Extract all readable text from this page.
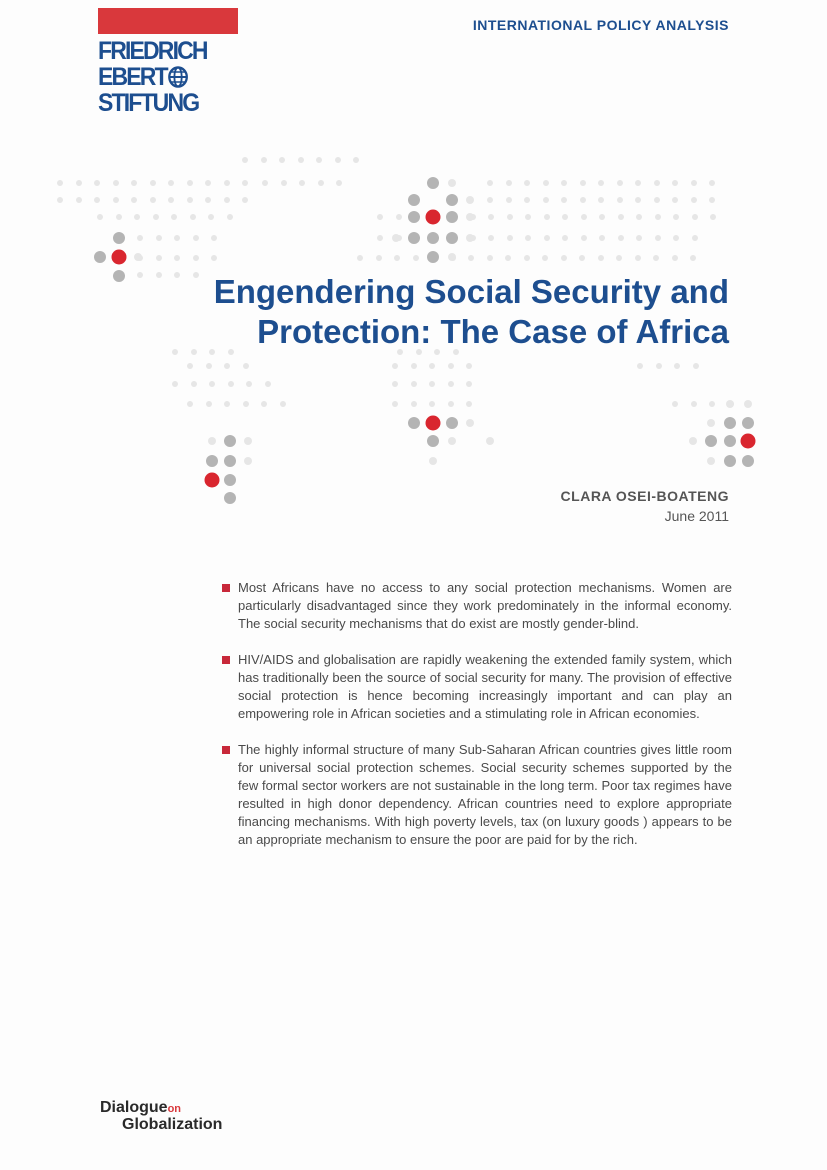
FRIEDRICH
EBERT
STIFTUNG
INTERNATIONAL POLICY ANALYSIS
Engendering Social Security and
Protection: The Case of Africa
CLARA OSEI-BOATENG
June 2011
Most Africans have no access to any social protection mechanisms. Women are particularly disadvantaged since they work predominately in the informal economy. The social security mechanisms that do exist are mostly gender-blind.
HIV/AIDS and globalisation are rapidly weakening the extended family system, which has traditionally been the source of social security for many. The provision of effective social protection is hence becoming increasingly important and can play an empowering role in African societies and a stimulating role in African economies.
The highly informal structure of many Sub-Saharan African countries gives little room for universal social protection schemes. Social security schemes supported by the few formal sector workers are not sustainable in the long term. Poor tax regimes have resulted in high donor dependency. African countries need to explore appropriate financing mechanisms. With high poverty levels, tax (on luxury goods ) appears to be an appropriate mechanism to ensure the poor are paid for by the rich.
Dialogueon
Globalization
